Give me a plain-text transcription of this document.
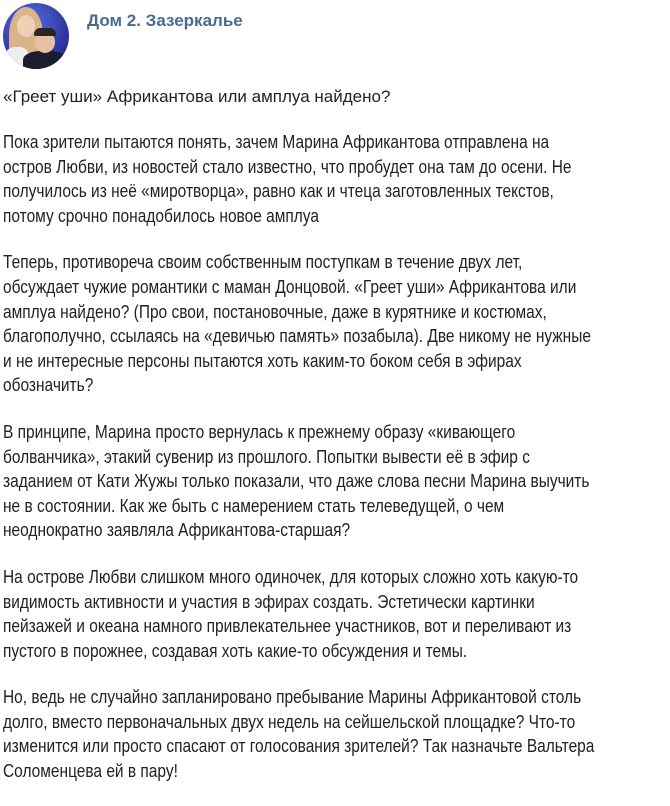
Дом 2. Зазеркалье
«Греет уши» Африкантова или амплуа найдено?
Пока зрители пытаются понять, зачем Марина Африкантова отправлена на
остров Любви, из новостей стало известно, что пробудет она там до осени. Не
получилось из неё «миротворца», равно как и чтеца заготовленных текстов,
потому срочно понадобилось новое амплуа
Теперь, противореча своим собственным поступкам в течение двух лет,
обсуждает чужие романтики с маман Донцовой. «Греет уши» Африкантова или
амплуа найдено? (Про свои, постановочные, даже в курятнике и костюмах,
благополучно, ссылаясь на «девичью память» позабыла). Две никому не нужные
и не интересные персоны пытаются хоть каким-то боком себя в эфирах
обозначить?
В принципе, Марина просто вернулась к прежнему образу «кивающего
болванчика», этакий сувенир из прошлого. Попытки вывести её в эфир с
заданием от Кати Жужы только показали, что даже слова песни Марина выучить
не в состоянии. Как же быть с намерением стать телеведущей, о чем
неоднократно заявляла Африкантова-старшая?
На острове Любви слишком много одиночек, для которых сложно хоть какую-то
видимость активности и участия в эфирах создать. Эстетически картинки
пейзажей и океана намного привлекательнее участников, вот и переливают из
пустого в порожнее, создавая хоть какие-то обсуждения и темы.
Но, ведь не случайно запланировано пребывание Марины Африкантовой столь
долго, вместо первоначальных двух недель на сейшельской площадке? Что-то
изменится или просто спасают от голосования зрителей? Так назначьте Вальтера
Соломенцева ей в пару!
